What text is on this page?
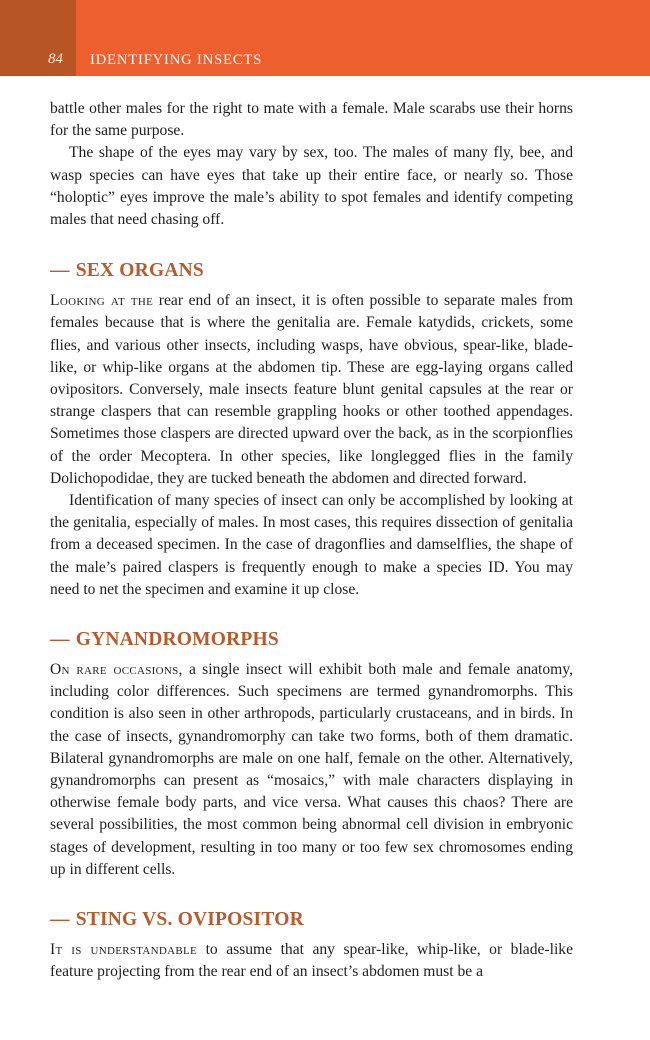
84 IDENTIFYING INSECTS

battle other males for the right to mate with a female. Male scarabs use their horns for the same purpose.

The shape of the eyes may vary by sex, too. The males of many fly, bee, and wasp species can have eyes that take up their entire face, or nearly so. Those “holoptic” eyes improve the male’s ability to spot females and identify competing males that need chasing off.

— SEX ORGANS

Looking at the rear end of an insect, it is often possible to separate males from females because that is where the genitalia are. Female katydids, crickets, some flies, and various other insects, including wasps, have obvious, spear-like, blade-like, or whip-like organs at the abdomen tip. These are egg-laying organs called ovipositors. Conversely, male insects feature blunt genital capsules at the rear or strange claspers that can resemble grappling hooks or other toothed appendages. Sometimes those claspers are directed upward over the back, as in the scorpionflies of the order Mecoptera. In other species, like longlegged flies in the family Dolichopodidae, they are tucked beneath the abdomen and directed forward.

Identification of many species of insect can only be accomplished by looking at the genitalia, especially of males. In most cases, this requires dissection of genitalia from a deceased specimen. In the case of dragonflies and damselflies, the shape of the male’s paired claspers is frequently enough to make a species ID. You may need to net the specimen and examine it up close.

— GYNANDROMORPHS

On rare occasions, a single insect will exhibit both male and female anatomy, including color differences. Such specimens are termed gynandromorphs. This condition is also seen in other arthropods, particularly crustaceans, and in birds. In the case of insects, gynandromorphy can take two forms, both of them dramatic. Bilateral gynandromorphs are male on one half, female on the other. Alternatively, gynandromorphs can present as “mosaics,” with male characters displaying in otherwise female body parts, and vice versa. What causes this chaos? There are several possibilities, the most common being abnormal cell division in embryonic stages of development, resulting in too many or too few sex chromosomes ending up in different cells.

— STING VS. OVIPOSITOR

It is understandable to assume that any spear-like, whip-like, or blade-like feature projecting from the rear end of an insect’s abdomen must be a
